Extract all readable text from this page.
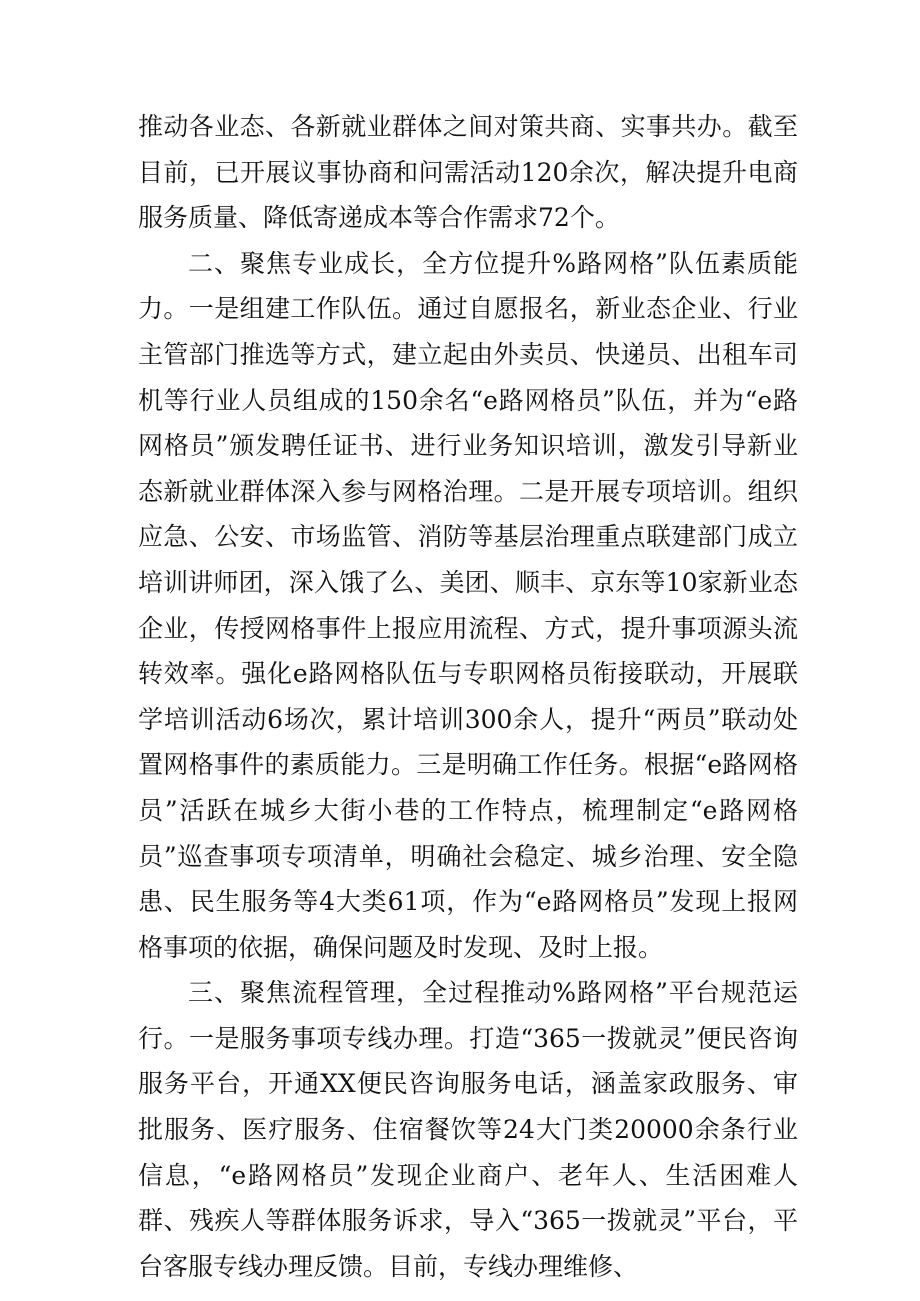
推动各业态、各新就业群体之间对策共商、实事共办。截至目前，已开展议事协商和问需活动120余次，解决提升电商服务质量、降低寄递成本等合作需求72个。

二、聚焦专业成长，全方位提升%路网格”队伍素质能力。一是组建工作队伍。通过自愿报名，新业态企业、行业主管部门推选等方式，建立起由外卖员、快递员、出租车司机等行业人员组成的150余名“e路网格员”队伍，并为“e路网格员”颁发聘任证书、进行业务知识培训，激发引导新业态新就业群体深入参与网格治理。二是开展专项培训。组织应急、公安、市场监管、消防等基层治理重点联建部门成立培训讲师团，深入饿了么、美团、顺丰、京东等10家新业态企业，传授网格事件上报应用流程、方式，提升事项源头流转效率。强化e路网格队伍与专职网格员衔接联动，开展联学培训活动6场次，累计培训300余人，提升“两员”联动处置网格事件的素质能力。三是明确工作任务。根据“e路网格员”活跃在城乡大街小巷的工作特点，梳理制定“e路网格员”巡查事项专项清单，明确社会稳定、城乡治理、安全隐患、民生服务等4大类61项，作为“e路网格员”发现上报网格事项的依据，确保问题及时发现、及时上报。

三、聚焦流程管理，全过程推动%路网格”平台规范运行。一是服务事项专线办理。打造“365一拨就灵”便民咨询服务平台，开通XX便民咨询服务电话，涵盖家政服务、审批服务、医疗服务、住宿餐饮等24大门类20000余条行业信息，“e路网格员”发现企业商户、老年人、生活困难人群、残疾人等群体服务诉求，导入“365一拨就灵”平台，平台客服专线办理反馈。目前，专线办理维修、
